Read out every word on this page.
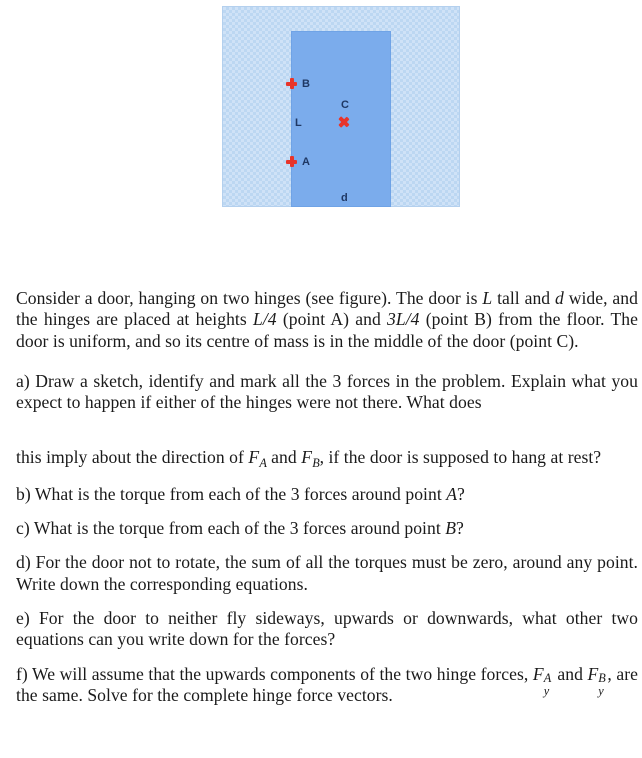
B
C
L
A
d

Consider a door, hanging on two hinges (see figure). The door is L tall and d wide, and the hinges are placed at heights L/4 (point A) and 3L/4 (point B) from the floor. The door is uniform, and so its centre of mass is in the middle of the door (point C).

a) Draw a sketch, identify and mark all the 3 forces in the problem. Explain what you expect to happen if either of the hinges were not there. What does

this imply about the direction of $F_A$ and $F_B$, if the door is supposed to hang at rest?

b) What is the torque from each of the 3 forces around point A?

c) What is the torque from each of the 3 forces around point B?

d) For the door not to rotate, the sum of all the torques must be zero, around any point. Write down the corresponding equations.

e) For the door to neither fly sideways, upwards or downwards, what other two equations can you write down for the forces?

f) We will assume that the upwards components of the two hinge forces, F A
y
and F B
y
, are the same. Solve for the complete hinge force vectors.
